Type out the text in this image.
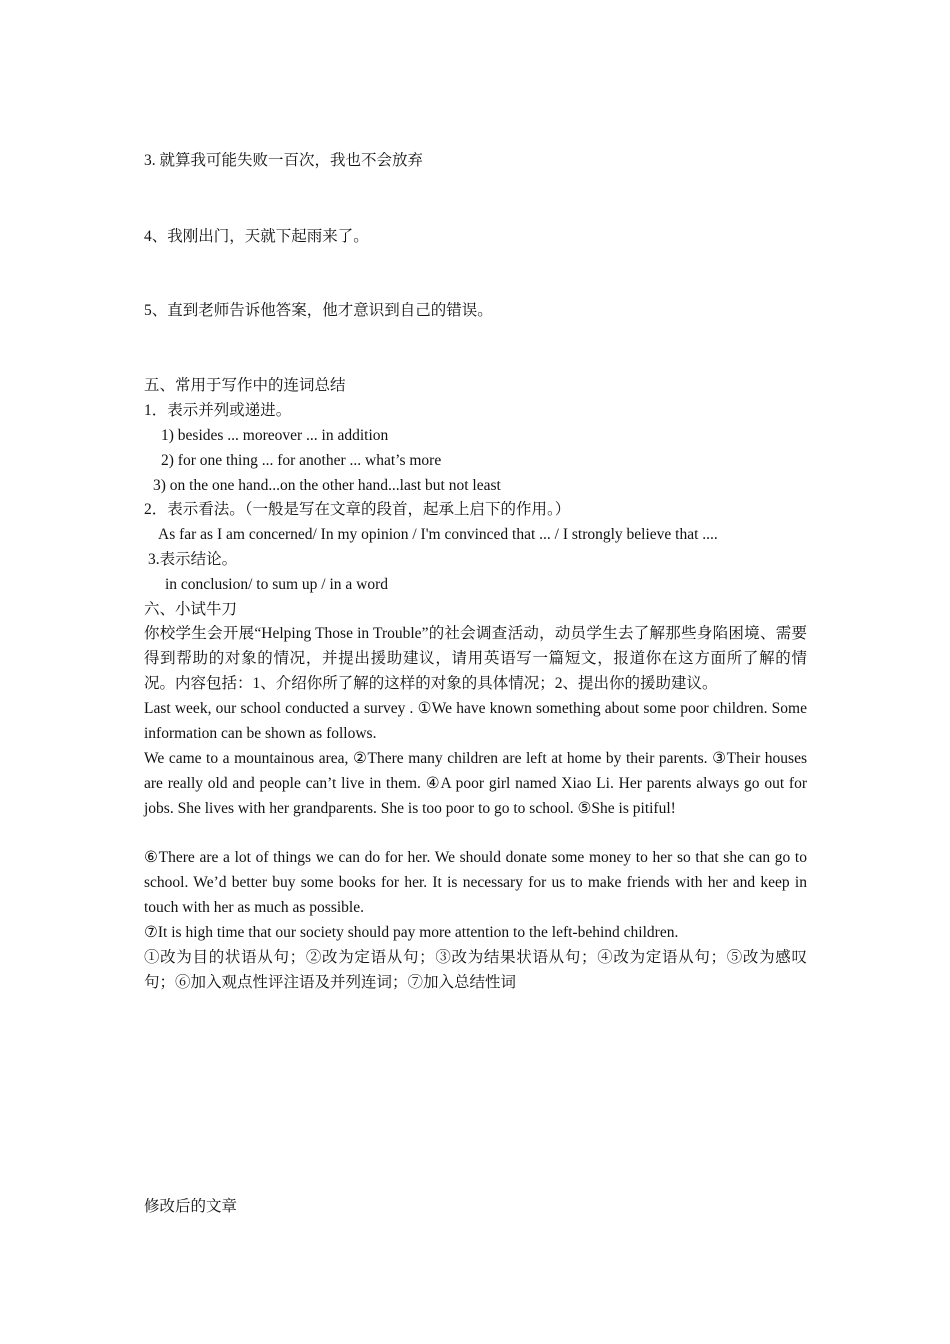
3. 就算我可能失败一百次，我也不会放弃
4、我刚出门，天就下起雨来了。
5、直到老师告诉他答案，他才意识到自己的错误。
五、常用于写作中的连词总结
1．表示并列或递进。
1) besides ... moreover ... in addition
2) for one thing ... for another ... what’s more
3) on the one hand...on the other hand...last but not least
2．表示看法。（一般是写在文章的段首，起承上启下的作用。）
As far as I am concerned/ In my opinion / I'm convinced that ... / I strongly believe that ....
3.表示结论。
in conclusion/ to sum up / in a word
六、小试牛刀
你校学生会开展“Helping Those in Trouble”的社会调查活动，动员学生去了解那些身陷困境、需要得到帮助的对象的情况，并提出援助建议，请用英语写一篇短文，报道你在这方面所了解的情况。内容包括：1、介绍你所了解的这样的对象的具体情况；2、提出你的援助建议。
Last week, our school conducted a survey . ①We have known something about some poor children. Some information can be shown as follows.
We came to a mountainous area, ②There many children are left at home by their parents. ③Their houses are really old and people can’t live in them. ④A poor girl named Xiao Li. Her parents always go out for jobs. She lives with her grandparents. She is too poor to go to school. ⑤She is pitiful!
⑥There are a lot of things we can do for her. We should donate some money to her so that she can go to school. We’d better buy some books for her. It is necessary for us to make friends with her and keep in touch with her as much as possible.
⑦It is high time that our society should pay more attention to the left-behind children.
①改为目的状语从句；②改为定语从句；③改为结果状语从句；④改为定语从句；⑤改为感叹句；⑥加入观点性评注语及并列连词；⑦加入总结性词
修改后的文章
